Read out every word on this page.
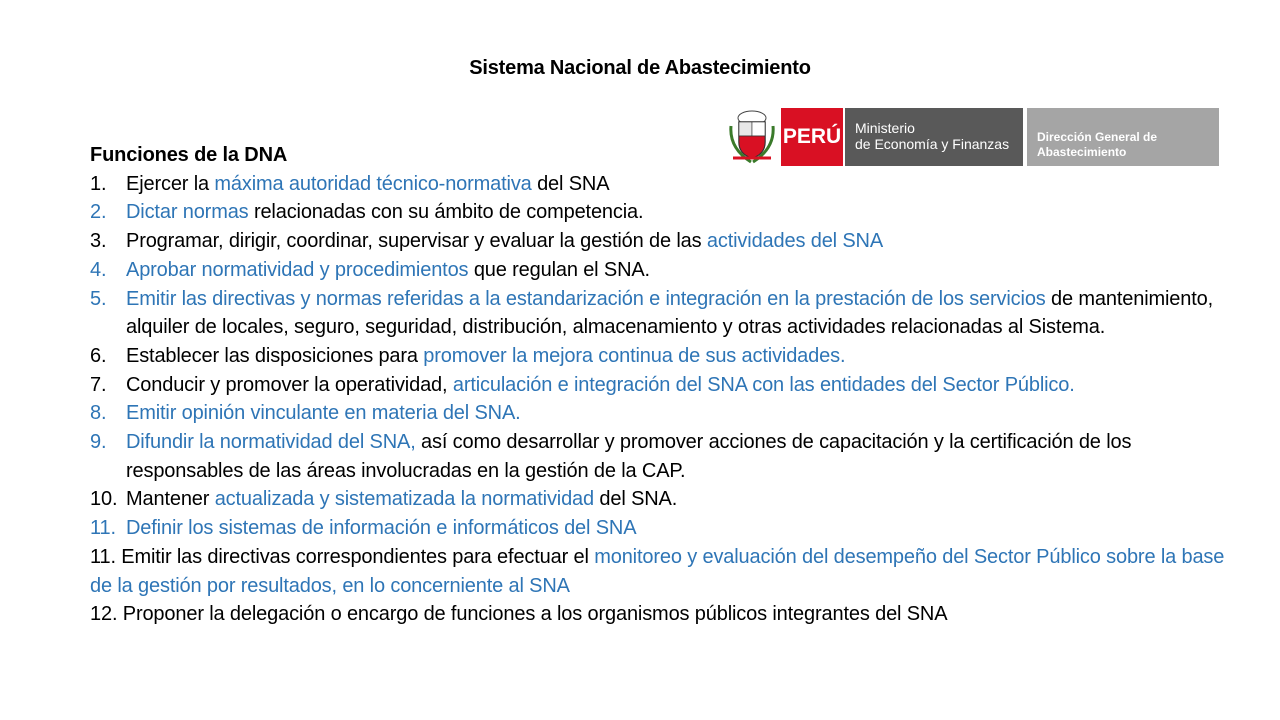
Sistema Nacional de Abastecimiento
PERÚ Ministerio
de Economía y Finanzas	Dirección General de
Abastecimiento
Funciones de la DNA
1. Ejercer la máxima autoridad técnico-normativa del SNA
2. Dictar normas relacionadas con su ámbito de competencia.
3. Programar, dirigir, coordinar, supervisar y evaluar la gestión de las actividades del SNA
4. Aprobar normatividad y procedimientos que regulan el SNA.
5. Emitir las directivas y normas referidas a la estandarización e integración en la prestación de los servicios de mantenimiento, alquiler de locales, seguro, seguridad, distribución, almacenamiento y otras actividades relacionadas al Sistema.
6. Establecer las disposiciones para promover la mejora continua de sus actividades.
7. Conducir y promover la operatividad, articulación e integración del SNA con las entidades del Sector Público.
8. Emitir opinión vinculante en materia del SNA.
9. Difundir la normatividad del SNA, así como desarrollar y promover acciones de capacitación y la certificación de los responsables de las áreas involucradas en la gestión de la CAP.
10. Mantener actualizada y sistematizada la normatividad del SNA.
11. Definir los sistemas de información e informáticos del SNA
11. Emitir las directivas correspondientes para efectuar el monitoreo y evaluación del desempeño del Sector Público sobre la base de la gestión por resultados, en lo concerniente al SNA
12. Proponer la delegación o encargo de funciones a los organismos públicos integrantes del SNA
